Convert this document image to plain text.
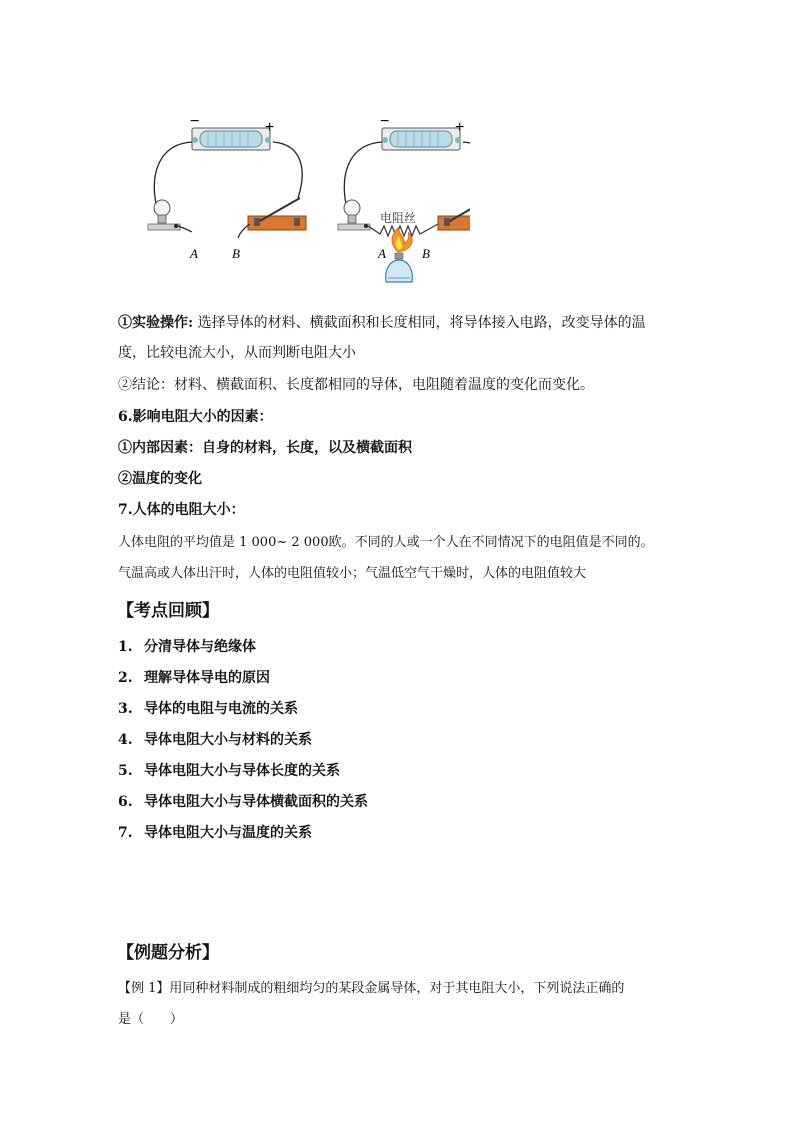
−	+
A	B
−	+
电阻丝
A	B
①实验操作: 选择导体的材料、横截面积和长度相同，将导体接入电路，改变导体的温
度，比较电流大小，从而判断电阻大小
②结论：材料、横截面积、长度都相同的导体，电阻随着温度的变化而变化。
6.影响电阻大小的因素：
①内部因素：自身的材料，长度，以及横截面积
②温度的变化
7.人体的电阻大小：
人体电阻的平均值是 1 000~ 2 000欧。不同的人或一个人在不同情况下的电阻值是不同的。
气温高或人体出汗时，人体的电阻值较小；气温低空气干燥时，人体的电阻值较大
【考点回顾】
1. 分清导体与绝缘体
2. 理解导体导电的原因
3. 导体的电阻与电流的关系
4. 导体电阻大小与材料的关系
5. 导体电阻大小与导体长度的关系
6. 导体电阻大小与导体横截面积的关系
7. 导体电阻大小与温度的关系
【例题分析】
【例 1】用同种材料制成的粗细均匀的某段金属导体，对于其电阻大小，下列说法正确的
是（　　）
